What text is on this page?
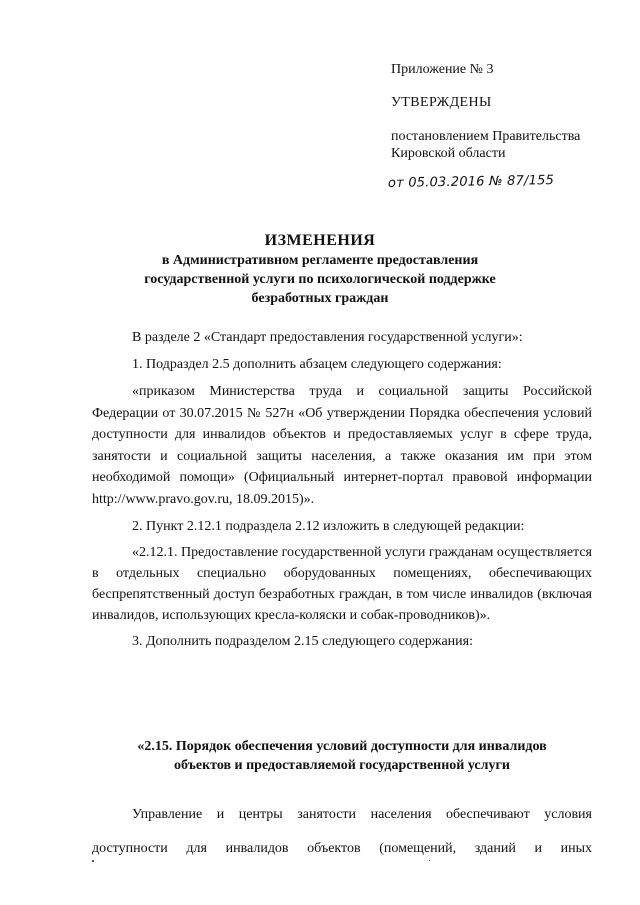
Приложение № 3
УТВЕРЖДЕНЫ
постановлением Правительства
Кировской области
от 05.03.2016 № 87/155
ИЗМЕНЕНИЯ
в Административном регламенте предоставления
государственной услуги по психологической поддержке
безработных граждан

В разделе 2 «Стандарт предоставления государственной услуги»:

1. Подраздел 2.5 дополнить абзацем следующего содержания:

«приказом Министерства труда и социальной защиты Российской Федерации от 30.07.2015 № 527н «Об утверждении Порядка обеспечения условий доступности для инвалидов объектов и предоставляемых услуг в сфере труда, занятости и социальной защиты населения, а также оказания им при этом необходимой помощи» (Официальный интернет-портал правовой информации http://www.pravo.gov.ru, 18.09.2015)».

2. Пункт 2.12.1 подраздела 2.12 изложить в следующей редакции:

«2.12.1. Предоставление государственной услуги гражданам осуществляется в отдельных специально оборудованных помещениях, обеспечивающих беспрепятственный доступ безработных граждан, в том числе инвалидов (включая инвалидов, использующих кресла-коляски и собак-проводников)».

3. Дополнить подразделом 2.15 следующего содержания:

«2.15. Порядок обеспечения условий доступности для инвалидов
объектов и предоставляемой государственной услуги
Управление и центры занятости населения обеспечивают условия
доступности для инвалидов объектов (помещений, зданий и иных
